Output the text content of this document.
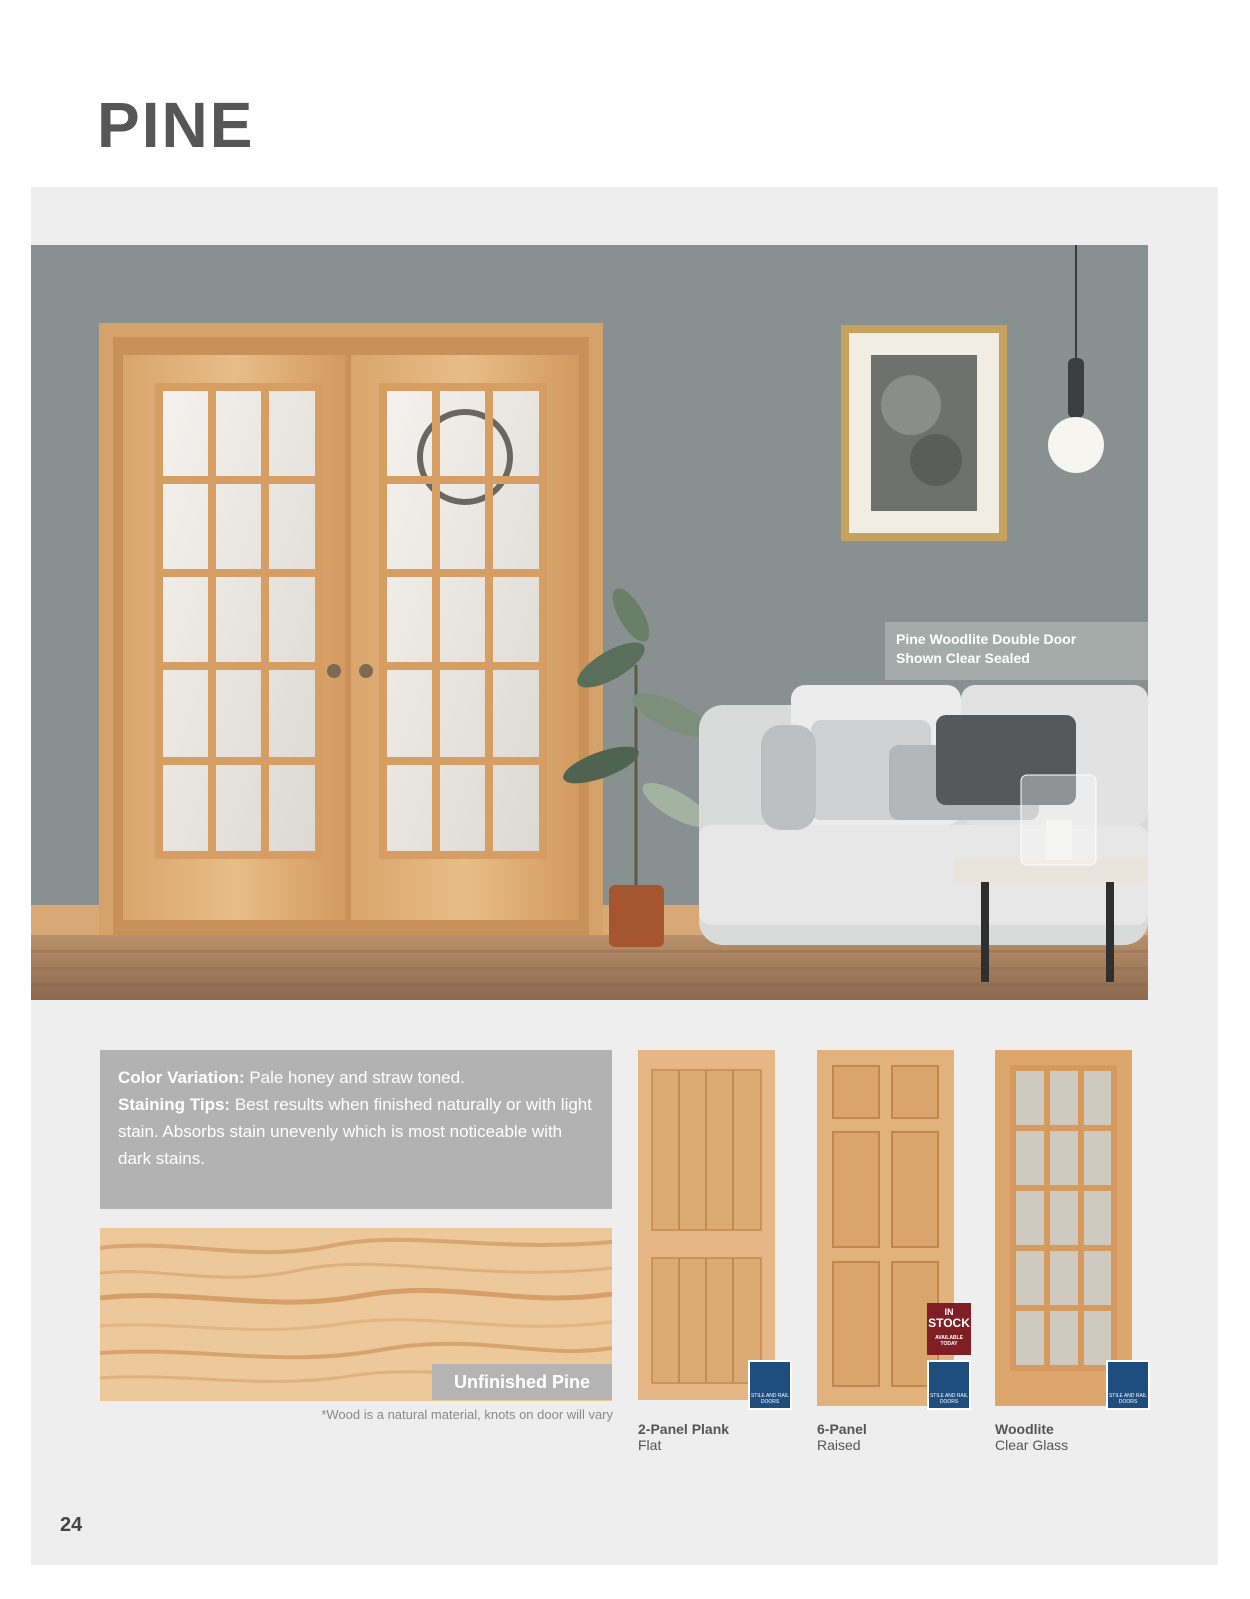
PINE
Pine Woodlite Double Door
Shown Clear Sealed
Color Variation: Pale honey and straw toned.
Staining Tips: Best results when finished naturally or with light stain. Absorbs stain unevenly which is most noticeable with dark stains.
Unfinished Pine
*Wood is a natural material, knots on door will vary
STILE AND RAIL DOORS
2-Panel Plank
Flat
IN
STOCK
AVAILABLE TODAY
STILE AND RAIL DOORS
6-Panel
Raised
STILE AND RAIL DOORS
Woodlite
Clear Glass
24
